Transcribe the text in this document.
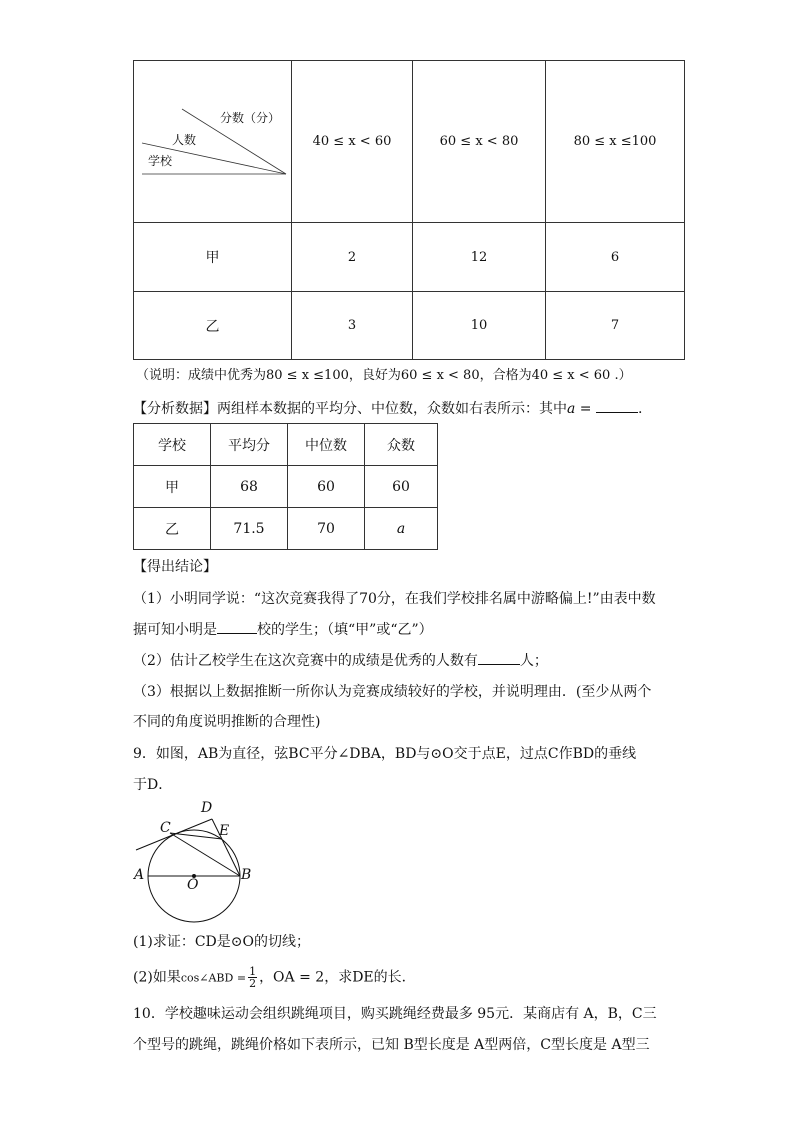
分数（分）
人数
学校	40 ≤ x < 60	60 ≤ x < 80	80 ≤ x ≤100
甲	2	12	6
乙	3	10	7
（说明：成绩中优秀为80 ≤ x ≤100，良好为60 ≤ x < 80，合格为40 ≤ x < 60 .）
【分析数据】两组样本数据的平均分、中位数，众数如右表所示：其中a =	.
学校	平均分	中位数	众数
甲	68	60	60
乙	71.5	70	a
【得出结论】
（1）小明同学说：“这次竞赛我得了70分，在我们学校排名属中游略偏上!”由表中数
据可知小明是	校的学生；（填“甲”或“乙”）
（2）估计乙校学生在这次竞赛中的成绩是优秀的人数有	人；
（3）根据以上数据推断一所你认为竞赛成绩较好的学校，并说明理由．(至少从两个
不同的角度说明推断的合理性)
9．如图，AB为直径，弦BC平分∠DBA，BD与⊙O交于点E，过点C作BD的垂线
于D．
D
C	E
A
O
B
(1)求证：CD是⊙O的切线；
(2)如果cos∠ABD = $\frac{1}{2}$ ，OA = 2，求DE的长．
10．学校趣味运动会组织跳绳项目，购买跳绳经费最多 95元．某商店有 A，B，C三
个型号的跳绳，跳绳价格如下表所示，已知 B型长度是 A型两倍，C型长度是 A型三
